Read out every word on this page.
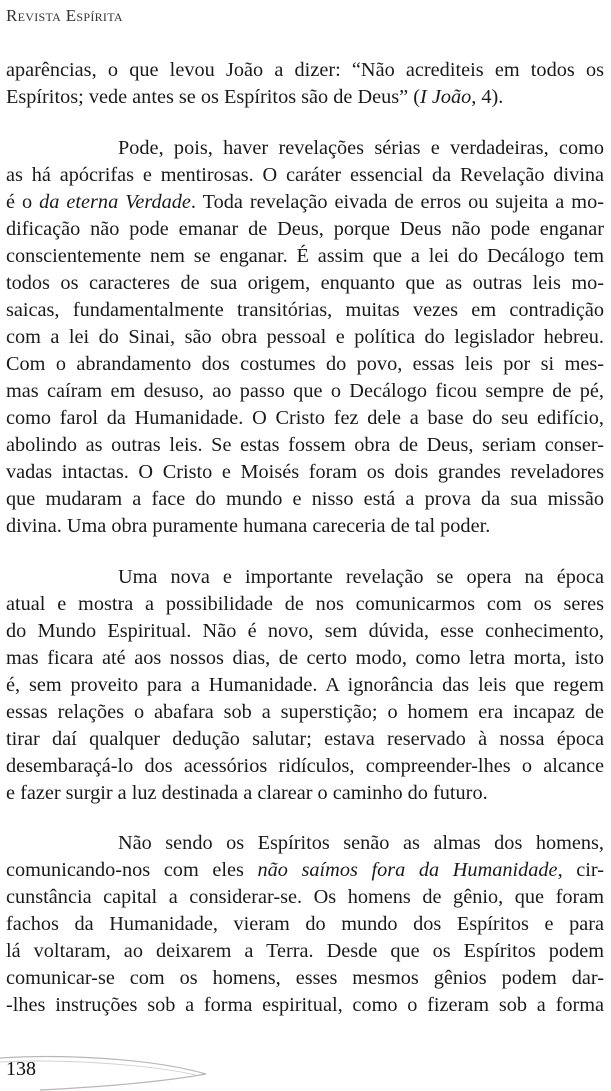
Revista Espírita
aparências, o que levou João a dizer: “Não acrediteis em todos os
Espíritos; vede antes se os Espíritos são de Deus” (I João, 4).
Pode, pois, haver revelações sérias e verdadeiras, como
as há apócrifas e mentirosas. O caráter essencial da Revelação divina
é o da eterna Verdade. Toda revelação eivada de erros ou sujeita a mo-
dificação não pode emanar de Deus, porque Deus não pode enganar
conscientemente nem se enganar. É assim que a lei do Decálogo tem
todos os caracteres de sua origem, enquanto que as outras leis mo-
saicas, fundamentalmente transitórias, muitas vezes em contradição
com a lei do Sinai, são obra pessoal e política do legislador hebreu.
Com o abrandamento dos costumes do povo, essas leis por si mes-
mas caíram em desuso, ao passo que o Decálogo ficou sempre de pé,
como farol da Humanidade. O Cristo fez dele a base do seu edifício,
abolindo as outras leis. Se estas fossem obra de Deus, seriam conser-
vadas intactas. O Cristo e Moisés foram os dois grandes reveladores
que mudaram a face do mundo e nisso está a prova da sua missão
divina. Uma obra puramente humana careceria de tal poder.
Uma nova e importante revelação se opera na época
atual e mostra a possibilidade de nos comunicarmos com os seres
do Mundo Espiritual. Não é novo, sem dúvida, esse conhecimento,
mas ficara até aos nossos dias, de certo modo, como letra morta, isto
é, sem proveito para a Humanidade. A ignorância das leis que regem
essas relações o abafara sob a superstição; o homem era incapaz de
tirar daí qualquer dedução salutar; estava reservado à nossa época
desembaraçá-lo dos acessórios ridículos, compreender-lhes o alcance
e fazer surgir a luz destinada a clarear o caminho do futuro.
Não sendo os Espíritos senão as almas dos homens,
comunicando-nos com eles não saímos fora da Humanidade, cir-
cunstância capital a considerar-se. Os homens de gênio, que foram
fachos da Humanidade, vieram do mundo dos Espíritos e para
lá voltaram, ao deixarem a Terra. Desde que os Espíritos podem
comunicar-se com os homens, esses mesmos gênios podem dar-
-lhes instruções sob a forma espiritual, como o fizeram sob a forma
138
